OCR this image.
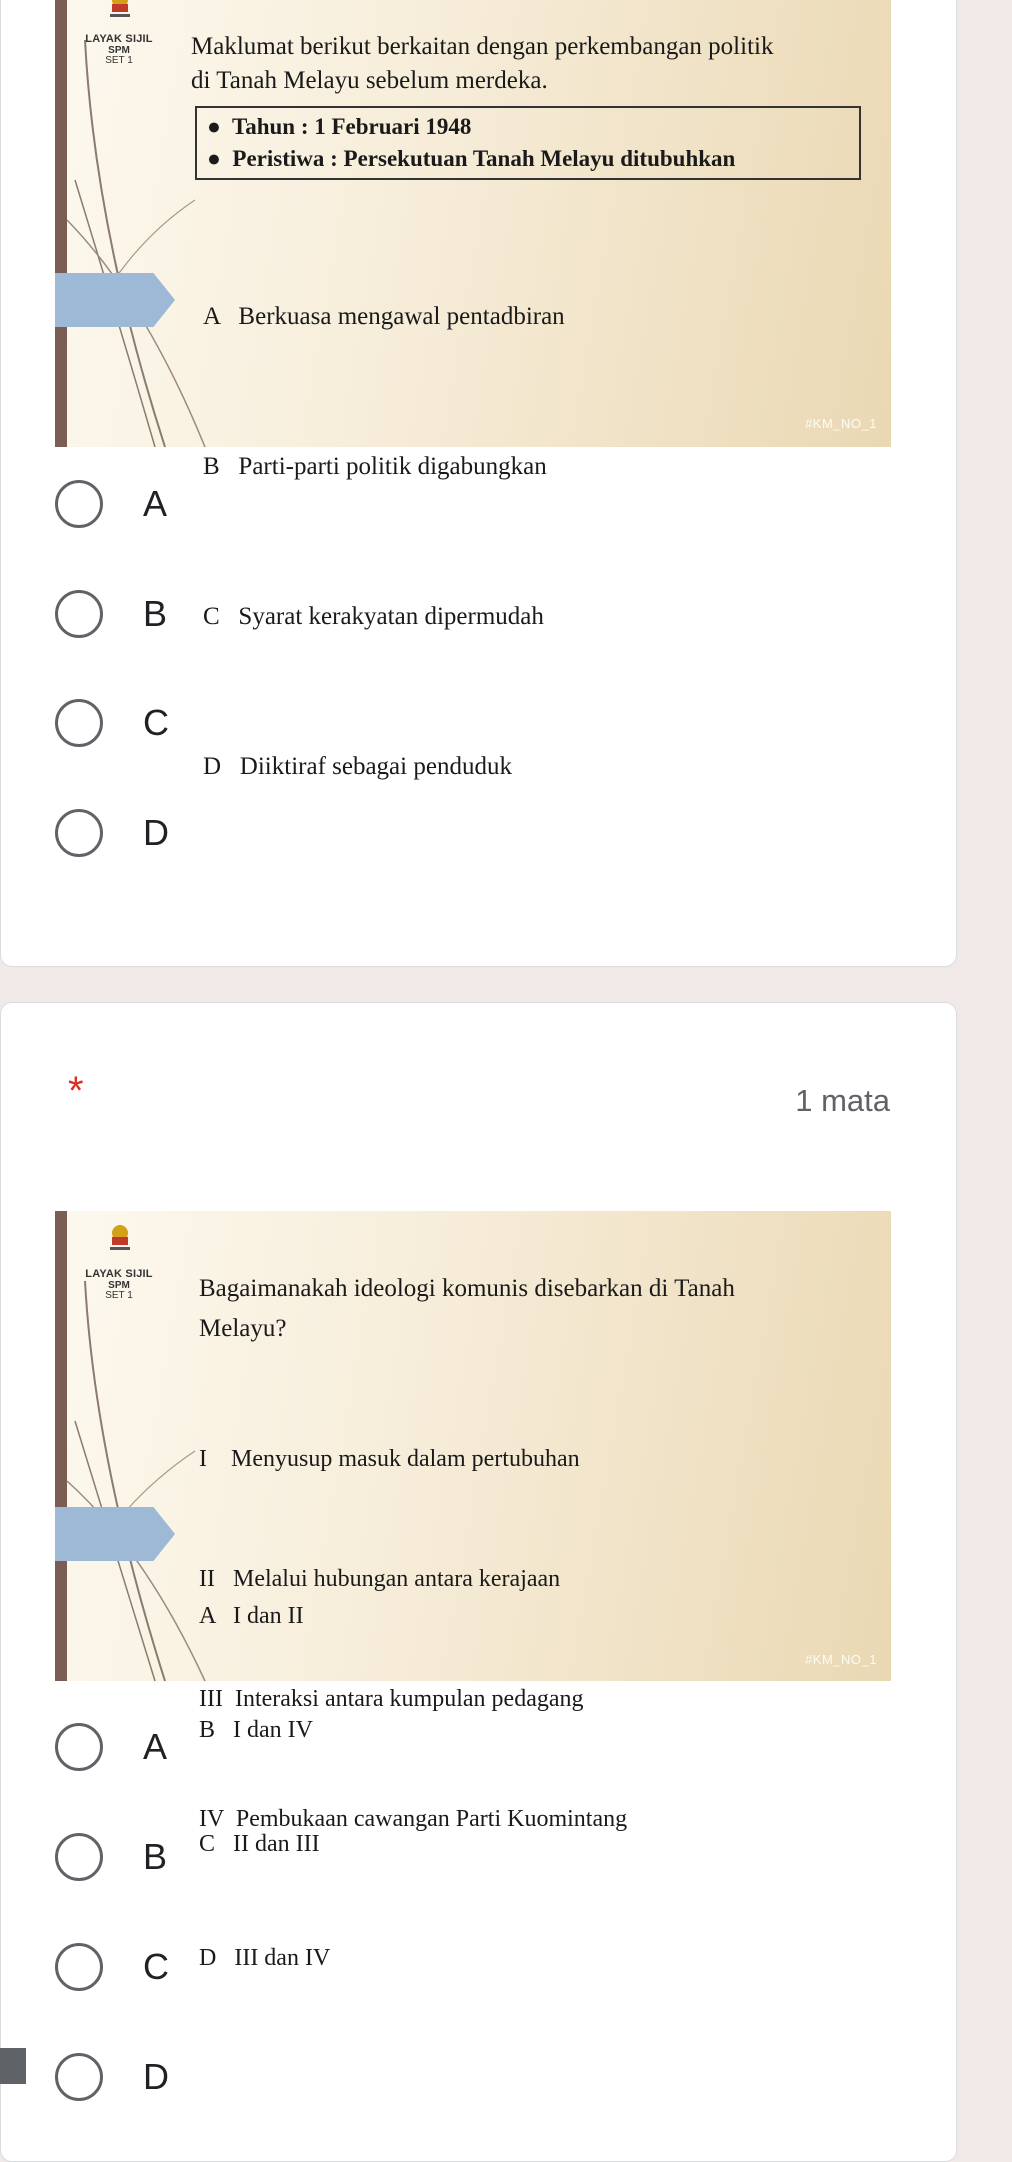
LAYAK SIJIL
SPM
SET 1
Maklumat berikut berkaitan dengan perkembangan politik
di Tanah Melayu sebelum merdeka.
●  Tahun : 1 Februari 1948
●  Peristiwa : Persekutuan Tanah Melayu ditubuhkan

A   Berkuasa mengawal pentadbiran

B   Parti-parti politik digabungkan

C   Syarat kerakyatan dipermudah

D   Diiktiraf sebagai penduduk

#KM_NO_1
A
B
C
D
*	1 mata
LAYAK SIJIL
SPM
SET 1	Bagaimanakah ideologi komunis disebarkan di Tanah
Melayu?

I    Menyusup masuk dalam pertubuhan

II   Melalui hubungan antara kerajaan

III  Interaksi antara kumpulan pedagang

IV  Pembukaan cawangan Parti Kuomintang

A   I dan II

B   I dan IV

C   II dan III

D   III dan IV

#KM_NO_1
A
B
C
D
